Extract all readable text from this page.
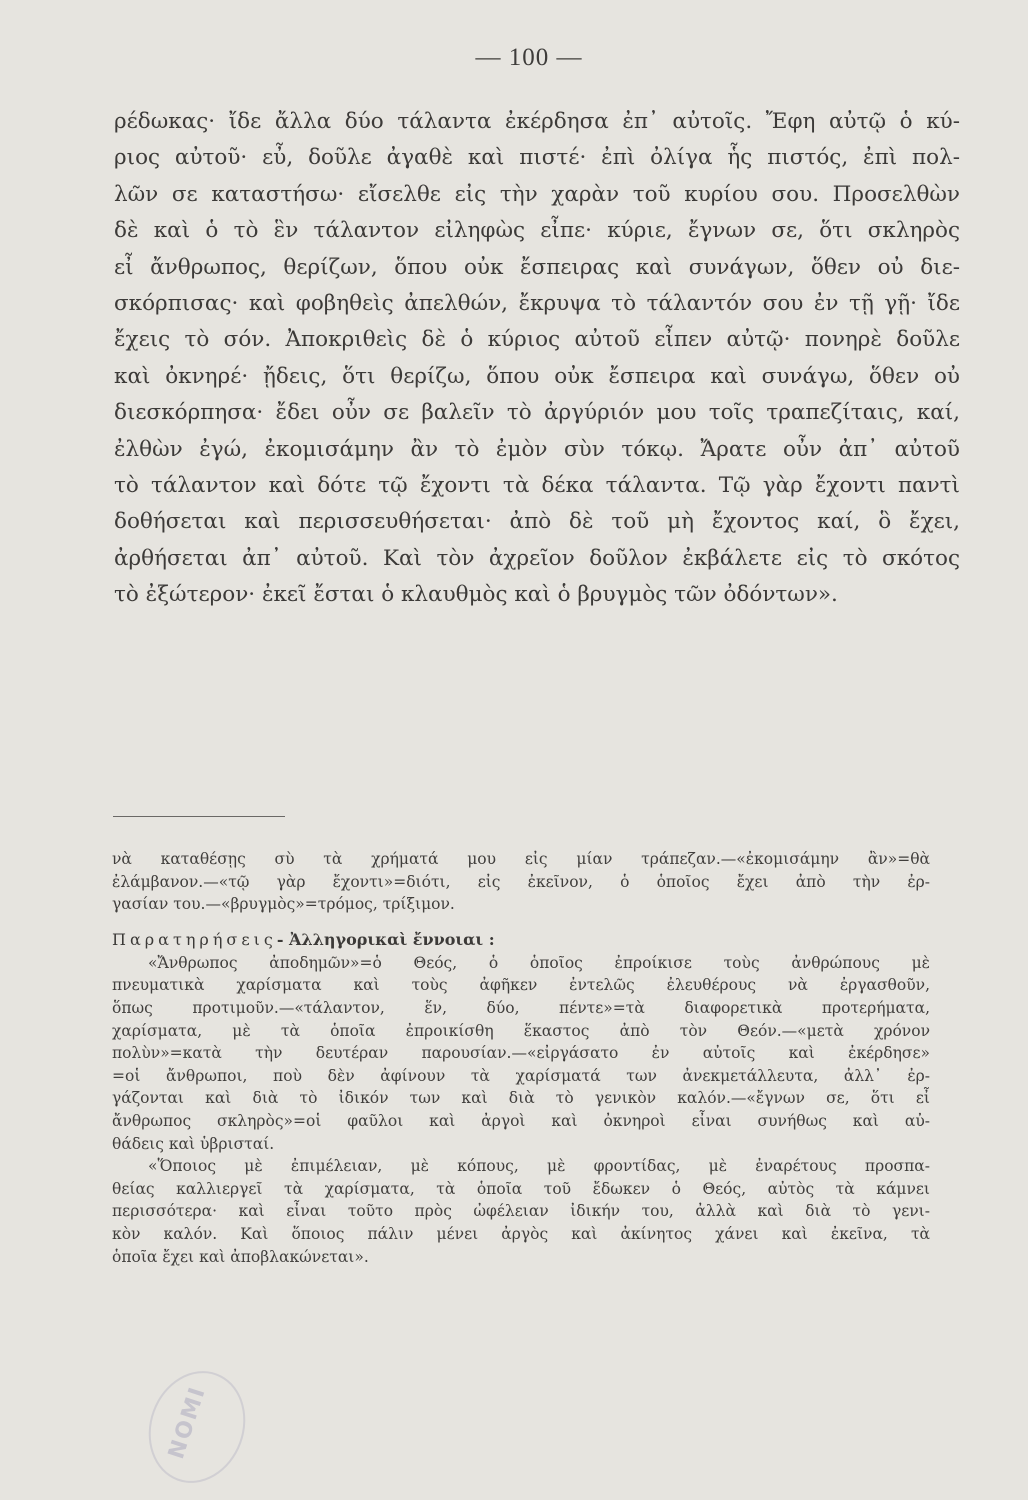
— 100 —
ρέδωκας· ἴδε ἄλλα δύο τάλαντα ἐκέρδησα ἐπ᾿ αὐτοῖς. Ἔφη αὐτῷ ὁ κύ-
ριος αὐτοῦ· εὖ, δοῦλε ἀγαθὲ καὶ πιστέ· ἐπὶ ὀλίγα ἧς πιστός, ἐπὶ πολ-
λῶν σε καταστήσω· εἴσελθε εἰς τὴν χαρὰν τοῦ κυρίου σου. Προσελθὼν
δὲ καὶ ὁ τὸ ἓν τάλαντον εἰληφὼς εἶπε· κύριε, ἔγνων σε, ὅτι σκληρὸς
εἶ ἄνθρωπος, θερίζων, ὅπου οὐκ ἔσπειρας καὶ συνάγων, ὅθεν οὐ διε-
σκόρπισας· καὶ φοβηθεὶς ἀπελθών, ἔκρυψα τὸ τάλαντόν σου ἐν τῇ γῇ· ἴδε
ἔχεις τὸ σόν. Ἀποκριθεὶς δὲ ὁ κύριος αὐτοῦ εἶπεν αὐτῷ· πονηρὲ δοῦλε
καὶ ὀκνηρέ· ᾔδεις, ὅτι θερίζω, ὅπου οὐκ ἔσπειρα καὶ συνάγω, ὅθεν οὐ
διεσκόρπησα· ἔδει οὖν σε βαλεῖν τὸ ἀργύριόν μου τοῖς τραπεζίταις, καί,
ἐλθὼν ἐγώ, ἐκομισάμην ἂν τὸ ἐμὸν σὺν τόκῳ. Ἄρατε οὖν ἀπ᾿ αὐτοῦ
τὸ τάλαντον καὶ δότε τῷ ἔχοντι τὰ δέκα τάλαντα. Τῷ γὰρ ἔχοντι παντὶ
δοθήσεται καὶ περισσευθήσεται· ἀπὸ δὲ τοῦ μὴ ἔχοντος καί, ὃ ἔχει,
ἀρθήσεται ἀπ᾿ αὐτοῦ. Καὶ τὸν ἀχρεῖον δοῦλον ἐκβάλετε εἰς τὸ σκότος
τὸ ἐξώτερον· ἐκεῖ ἔσται ὁ κλαυθμὸς καὶ ὁ βρυγμὸς τῶν ὀδόντων».
νὰ καταθέσῃς σὺ τὰ χρήματά μου εἰς μίαν τράπεζαν.—«ἐκομισάμην ἂν»=θὰ
ἐλάμβανον.—«τῷ γὰρ ἔχοντι»=διότι, εἰς ἐκεῖνον, ὁ ὁποῖος ἔχει ἀπὸ τὴν ἐρ-
γασίαν του.—«βρυγμὸς»=τρόμος, τρίξιμον.
Παρατηρήσεις- Ἀλληγορικαὶ ἔννοιαι :
«Ἄνθρωπος ἀποδημῶν»=ὁ Θεός, ὁ ὁποῖος ἐπροίκισε τοὺς ἀνθρώπους μὲ
πνευματικὰ χαρίσματα καὶ τοὺς ἀφῆκεν ἐντελῶς ἐλευθέρους νὰ ἐργασθοῦν,
ὅπως προτιμοῦν.—«τάλαντον, ἕν, δύο, πέντε»=τὰ διαφορετικὰ προτερήματα,
χαρίσματα, μὲ τὰ ὁποῖα ἐπροικίσθη ἕκαστος ἀπὸ τὸν Θεόν.—«μετὰ χρόνον
πολὺν»=κατὰ τὴν δευτέραν παρουσίαν.—«εἰργάσατο ἐν αὐτοῖς καὶ ἐκέρδησε»
=οἱ ἄνθρωποι, ποὺ δὲν ἀφίνουν τὰ χαρίσματά των ἀνεκμετάλλευτα, ἀλλ᾿ ἐρ-
γάζονται καὶ διὰ τὸ ἰδικόν των καὶ διὰ τὸ γενικὸν καλόν.—«ἔγνων σε, ὅτι εἶ
ἄνθρωπος σκληρὸς»=οἱ φαῦλοι καὶ ἀργοὶ καὶ ὀκνηροὶ εἶναι συνήθως καὶ αὐ-
θάδεις καὶ ὑβρισταί.
«Ὅποιος μὲ ἐπιμέλειαν, μὲ κόπους, μὲ φροντίδας, μὲ ἐναρέτους προσπα-
θείας καλλιεργεῖ τὰ χαρίσματα, τὰ ὁποῖα τοῦ ἔδωκεν ὁ Θεός, αὐτὸς τὰ κάμνει
περισσότερα· καὶ εἶναι τοῦτο πρὸς ὠφέλειαν ἰδικήν του, ἀλλὰ καὶ διὰ τὸ γενι-
κὸν καλόν. Καὶ ὅποιος πάλιν μένει ἀργὸς καὶ ἀκίνητος χάνει καὶ ἐκεῖνα, τὰ
ὁποῖα ἔχει καὶ ἀποβλακώνεται».
ΝΟΜΙ
